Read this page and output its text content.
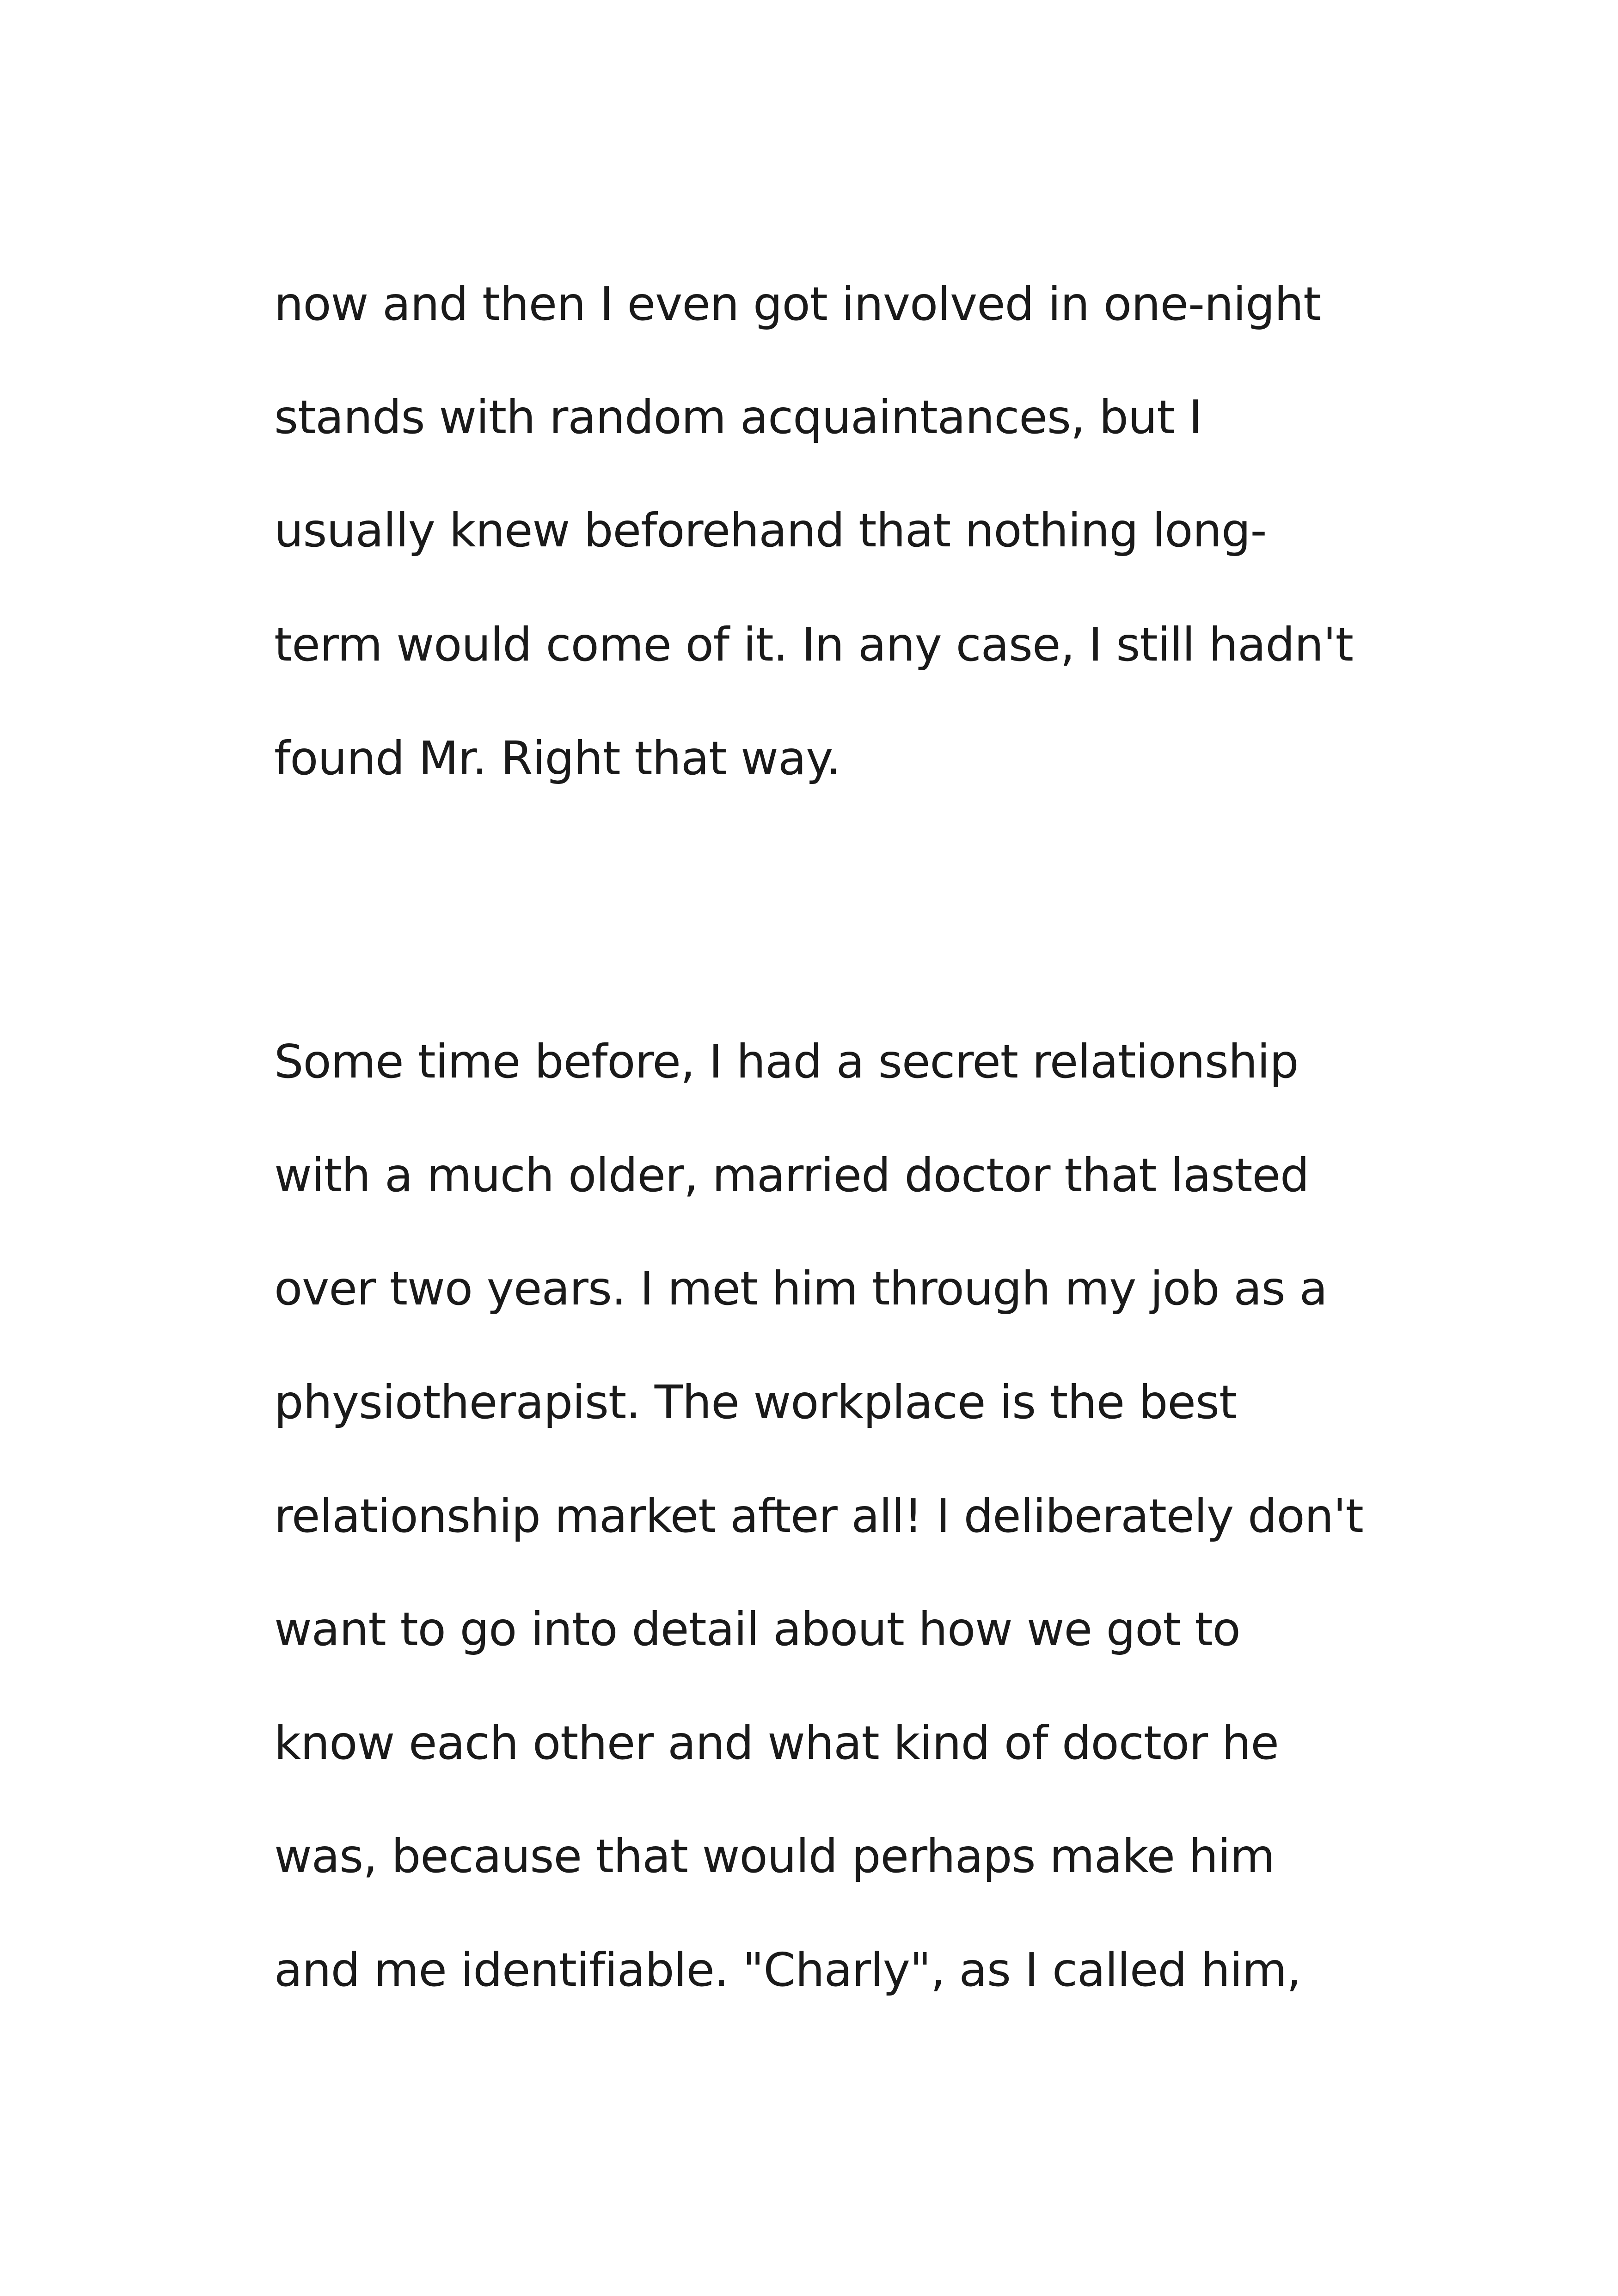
now and then I even got involved in one-night

stands with random acquaintances, but I

usually knew beforehand that nothing long-

term would come of it. In any case, I still hadn't

found Mr. Right that way.

Some time before, I had a secret relationship

with a much older, married doctor that lasted

over two years. I met him through my job as a

physiotherapist. The workplace is the best

relationship market after all! I deliberately don't

want to go into detail about how we got to

know each other and what kind of doctor he

was, because that would perhaps make him

and me identifiable. "Charly", as I called him,
